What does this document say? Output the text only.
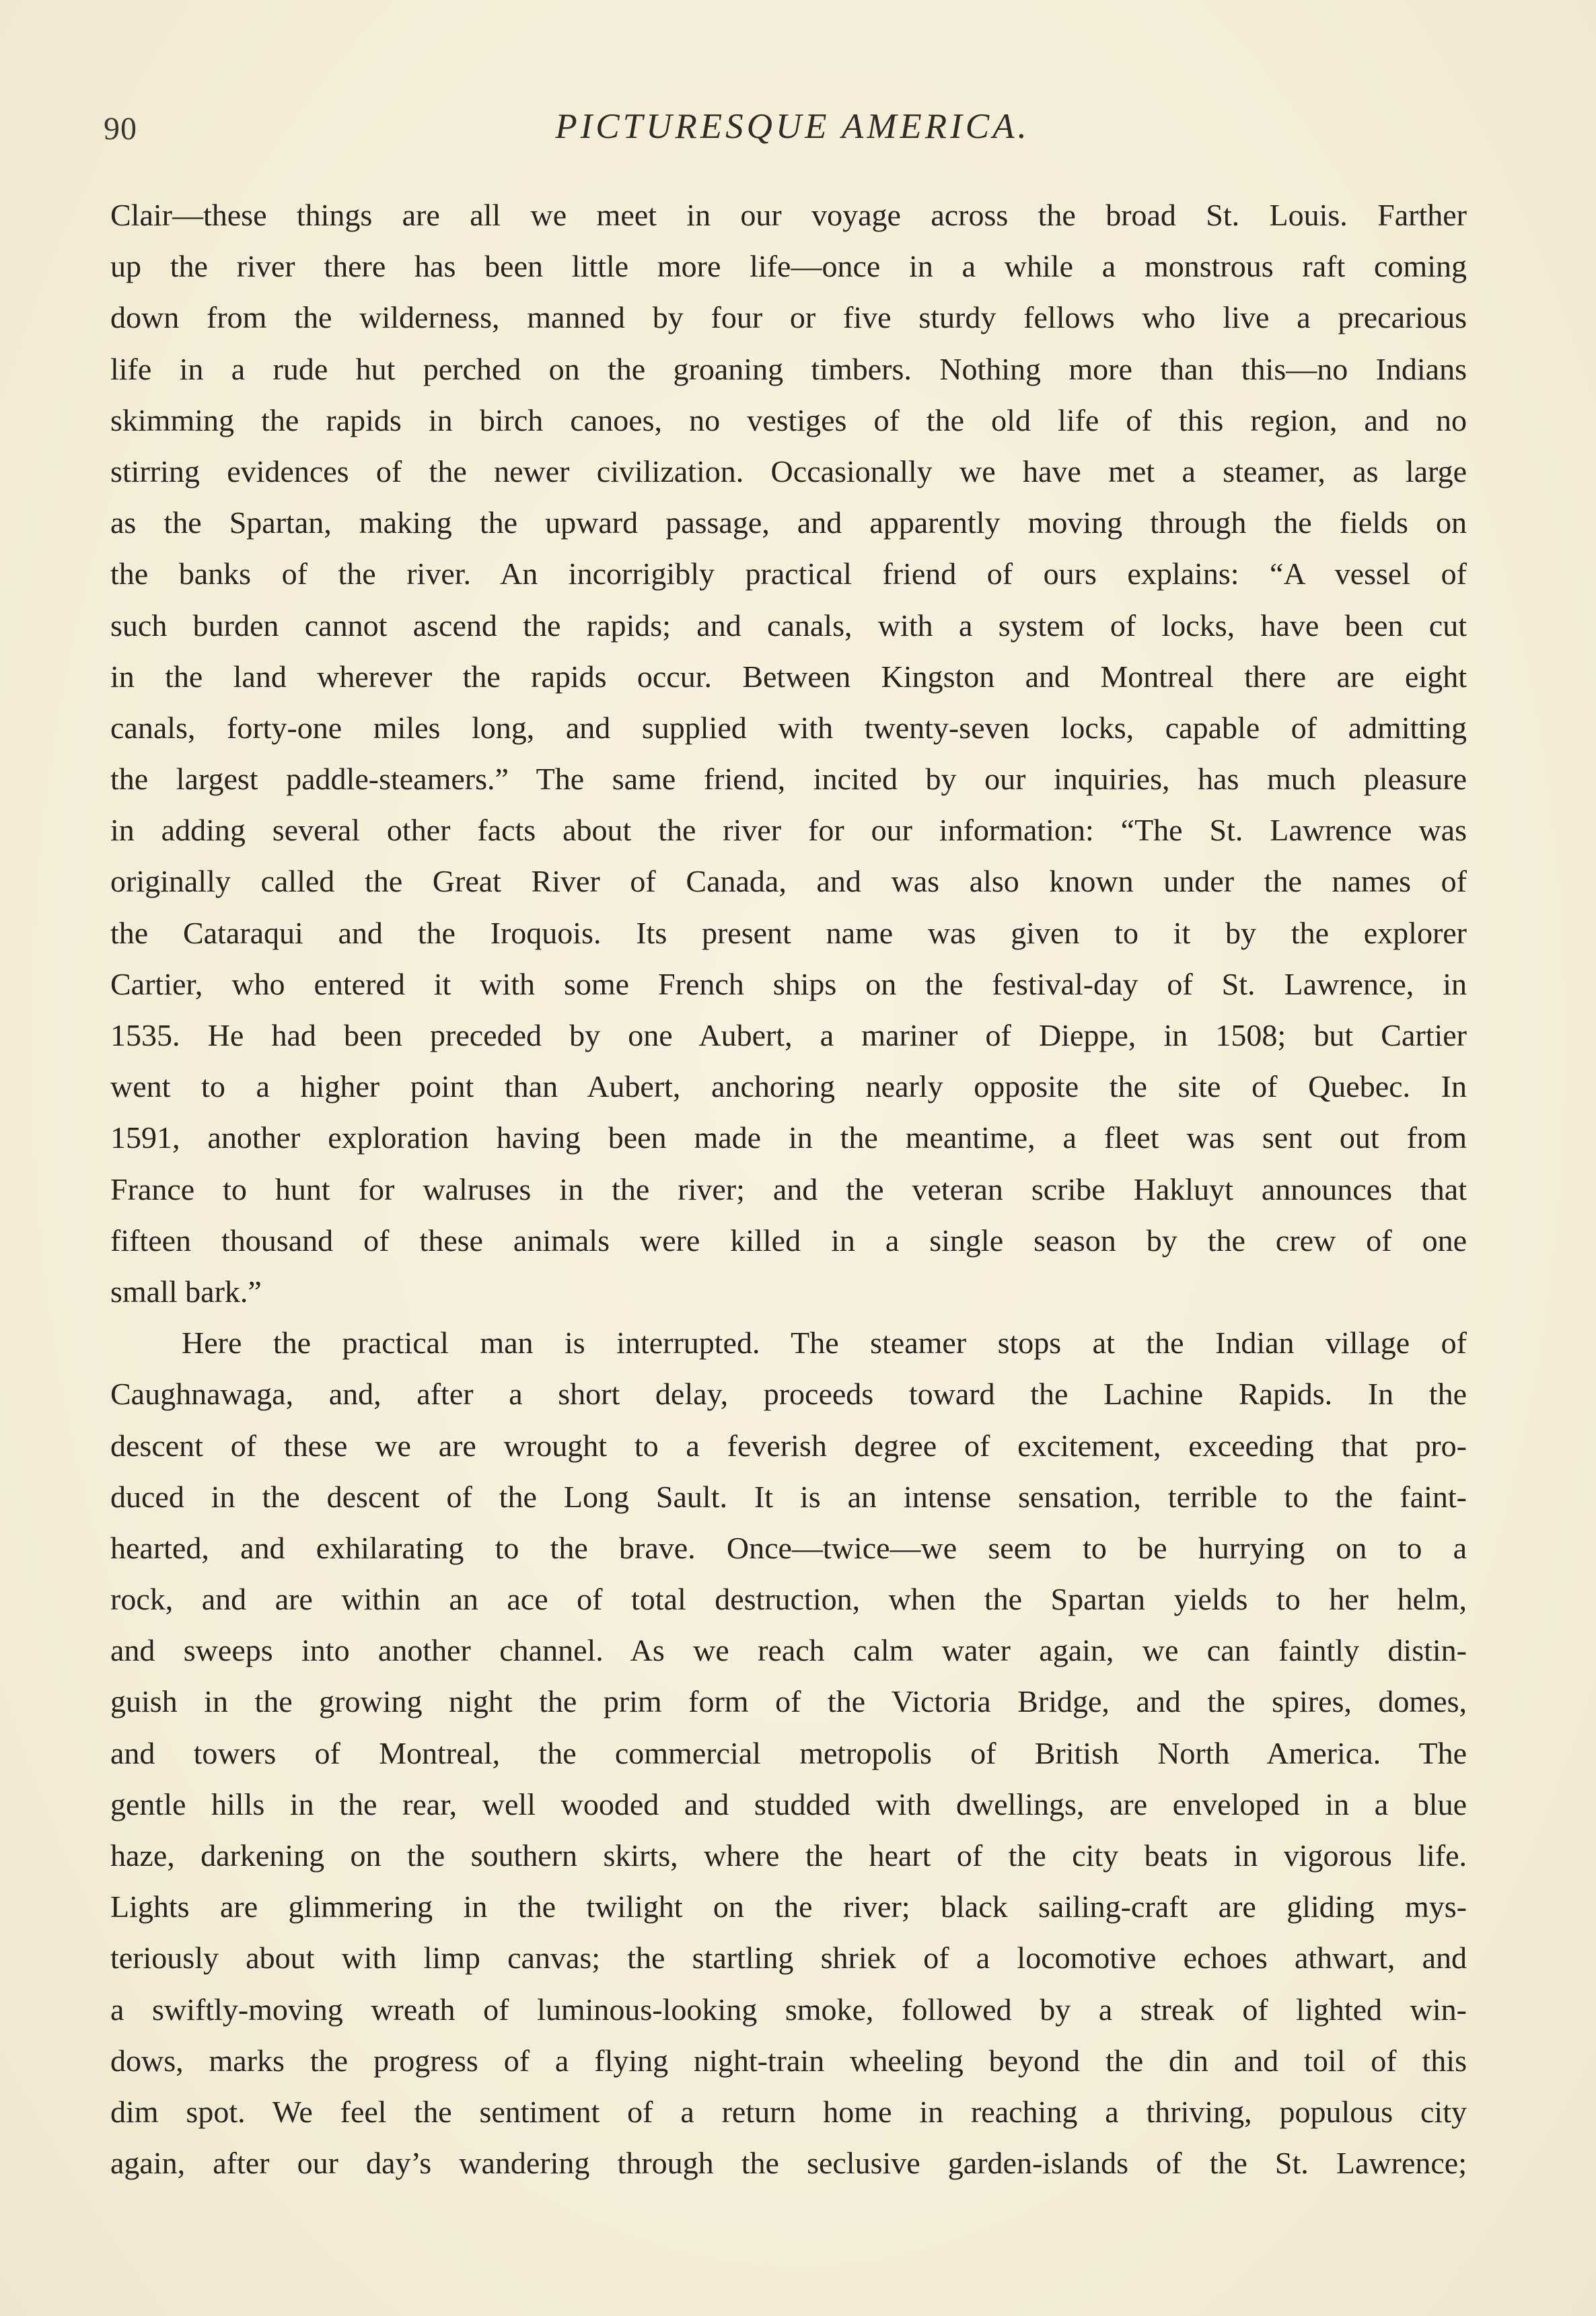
90	PICTURESQUE AMERICA.
Clair—these things are all we meet in our voyage across the broad St. Louis. Farther
up the river there has been little more life—once in a while a monstrous raft coming
down from the wilderness, manned by four or five sturdy fellows who live a precarious
life in a rude hut perched on the groaning timbers. Nothing more than this—no Indians
skimming the rapids in birch canoes, no vestiges of the old life of this region, and no
stirring evidences of the newer civilization. Occasionally we have met a steamer, as large
as the Spartan, making the upward passage, and apparently moving through the fields on
the banks of the river. An incorrigibly practical friend of ours explains: “A vessel of
such burden cannot ascend the rapids; and canals, with a system of locks, have been cut
in the land wherever the rapids occur. Between Kingston and Montreal there are eight
canals, forty-one miles long, and supplied with twenty-seven locks, capable of admitting
the largest paddle-steamers.” The same friend, incited by our inquiries, has much pleasure
in adding several other facts about the river for our information: “The St. Lawrence was
originally called the Great River of Canada, and was also known under the names of
the Cataraqui and the Iroquois. Its present name was given to it by the explorer
Cartier, who entered it with some French ships on the festival-day of St. Lawrence, in
1535. He had been preceded by one Aubert, a mariner of Dieppe, in 1508; but Cartier
went to a higher point than Aubert, anchoring nearly opposite the site of Quebec. In
1591, another exploration having been made in the meantime, a fleet was sent out from
France to hunt for walruses in the river; and the veteran scribe Hakluyt announces that
fifteen thousand of these animals were killed in a single season by the crew of one
small bark.”
Here the practical man is interrupted. The steamer stops at the Indian village of
Caughnawaga, and, after a short delay, proceeds toward the Lachine Rapids. In the
descent of these we are wrought to a feverish degree of excitement, exceeding that pro-
duced in the descent of the Long Sault. It is an intense sensation, terrible to the faint-
hearted, and exhilarating to the brave. Once—twice—we seem to be hurrying on to a
rock, and are within an ace of total destruction, when the Spartan yields to her helm,
and sweeps into another channel. As we reach calm water again, we can faintly distin-
guish in the growing night the prim form of the Victoria Bridge, and the spires, domes,
and towers of Montreal, the commercial metropolis of British North America. The
gentle hills in the rear, well wooded and studded with dwellings, are enveloped in a blue
haze, darkening on the southern skirts, where the heart of the city beats in vigorous life.
Lights are glimmering in the twilight on the river; black sailing-craft are gliding mys-
teriously about with limp canvas; the startling shriek of a locomotive echoes athwart, and
a swiftly-moving wreath of luminous-looking smoke, followed by a streak of lighted win-
dows, marks the progress of a flying night-train wheeling beyond the din and toil of this
dim spot. We feel the sentiment of a return home in reaching a thriving, populous city
again, after our day’s wandering through the seclusive garden-islands of the St. Lawrence;
